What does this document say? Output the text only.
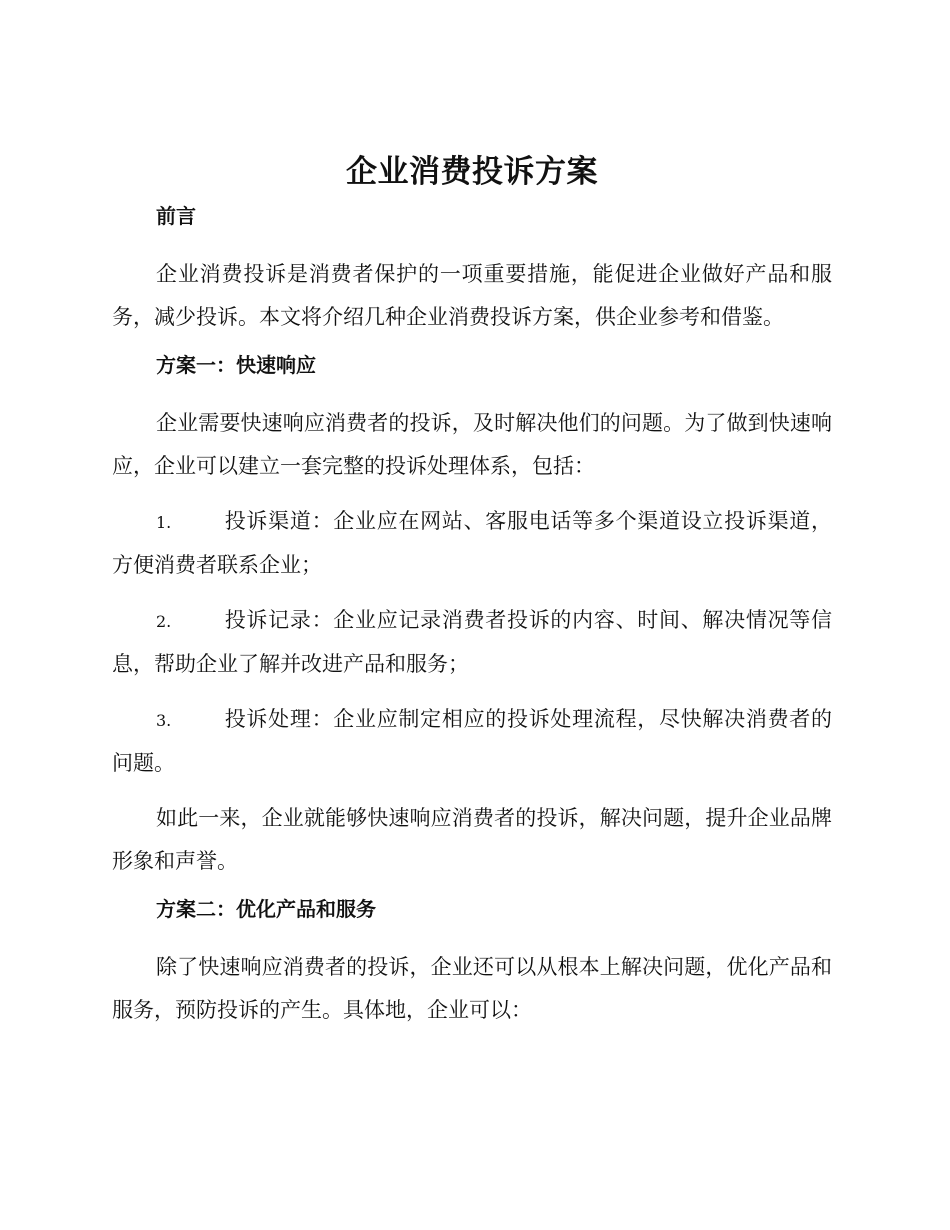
企业消费投诉方案
前言

企业消费投诉是消费者保护的一项重要措施，能促进企业做好产品和服务，减少投诉。本文将介绍几种企业消费投诉方案，供企业参考和借鉴。

方案一：快速响应

企业需要快速响应消费者的投诉，及时解决他们的问题。为了做到快速响应，企业可以建立一套完整的投诉处理体系，包括：

1.	投诉渠道：企业应在网站、客服电话等多个渠道设立投诉渠道，方便消费者联系企业；
2.	投诉记录：企业应记录消费者投诉的内容、时间、解决情况等信息，帮助企业了解并改进产品和服务；
3.	投诉处理：企业应制定相应的投诉处理流程，尽快解决消费者的问题。

如此一来，企业就能够快速响应消费者的投诉，解决问题，提升企业品牌形象和声誉。

方案二：优化产品和服务

除了快速响应消费者的投诉，企业还可以从根本上解决问题，优化产品和服务，预防投诉的产生。具体地，企业可以：
